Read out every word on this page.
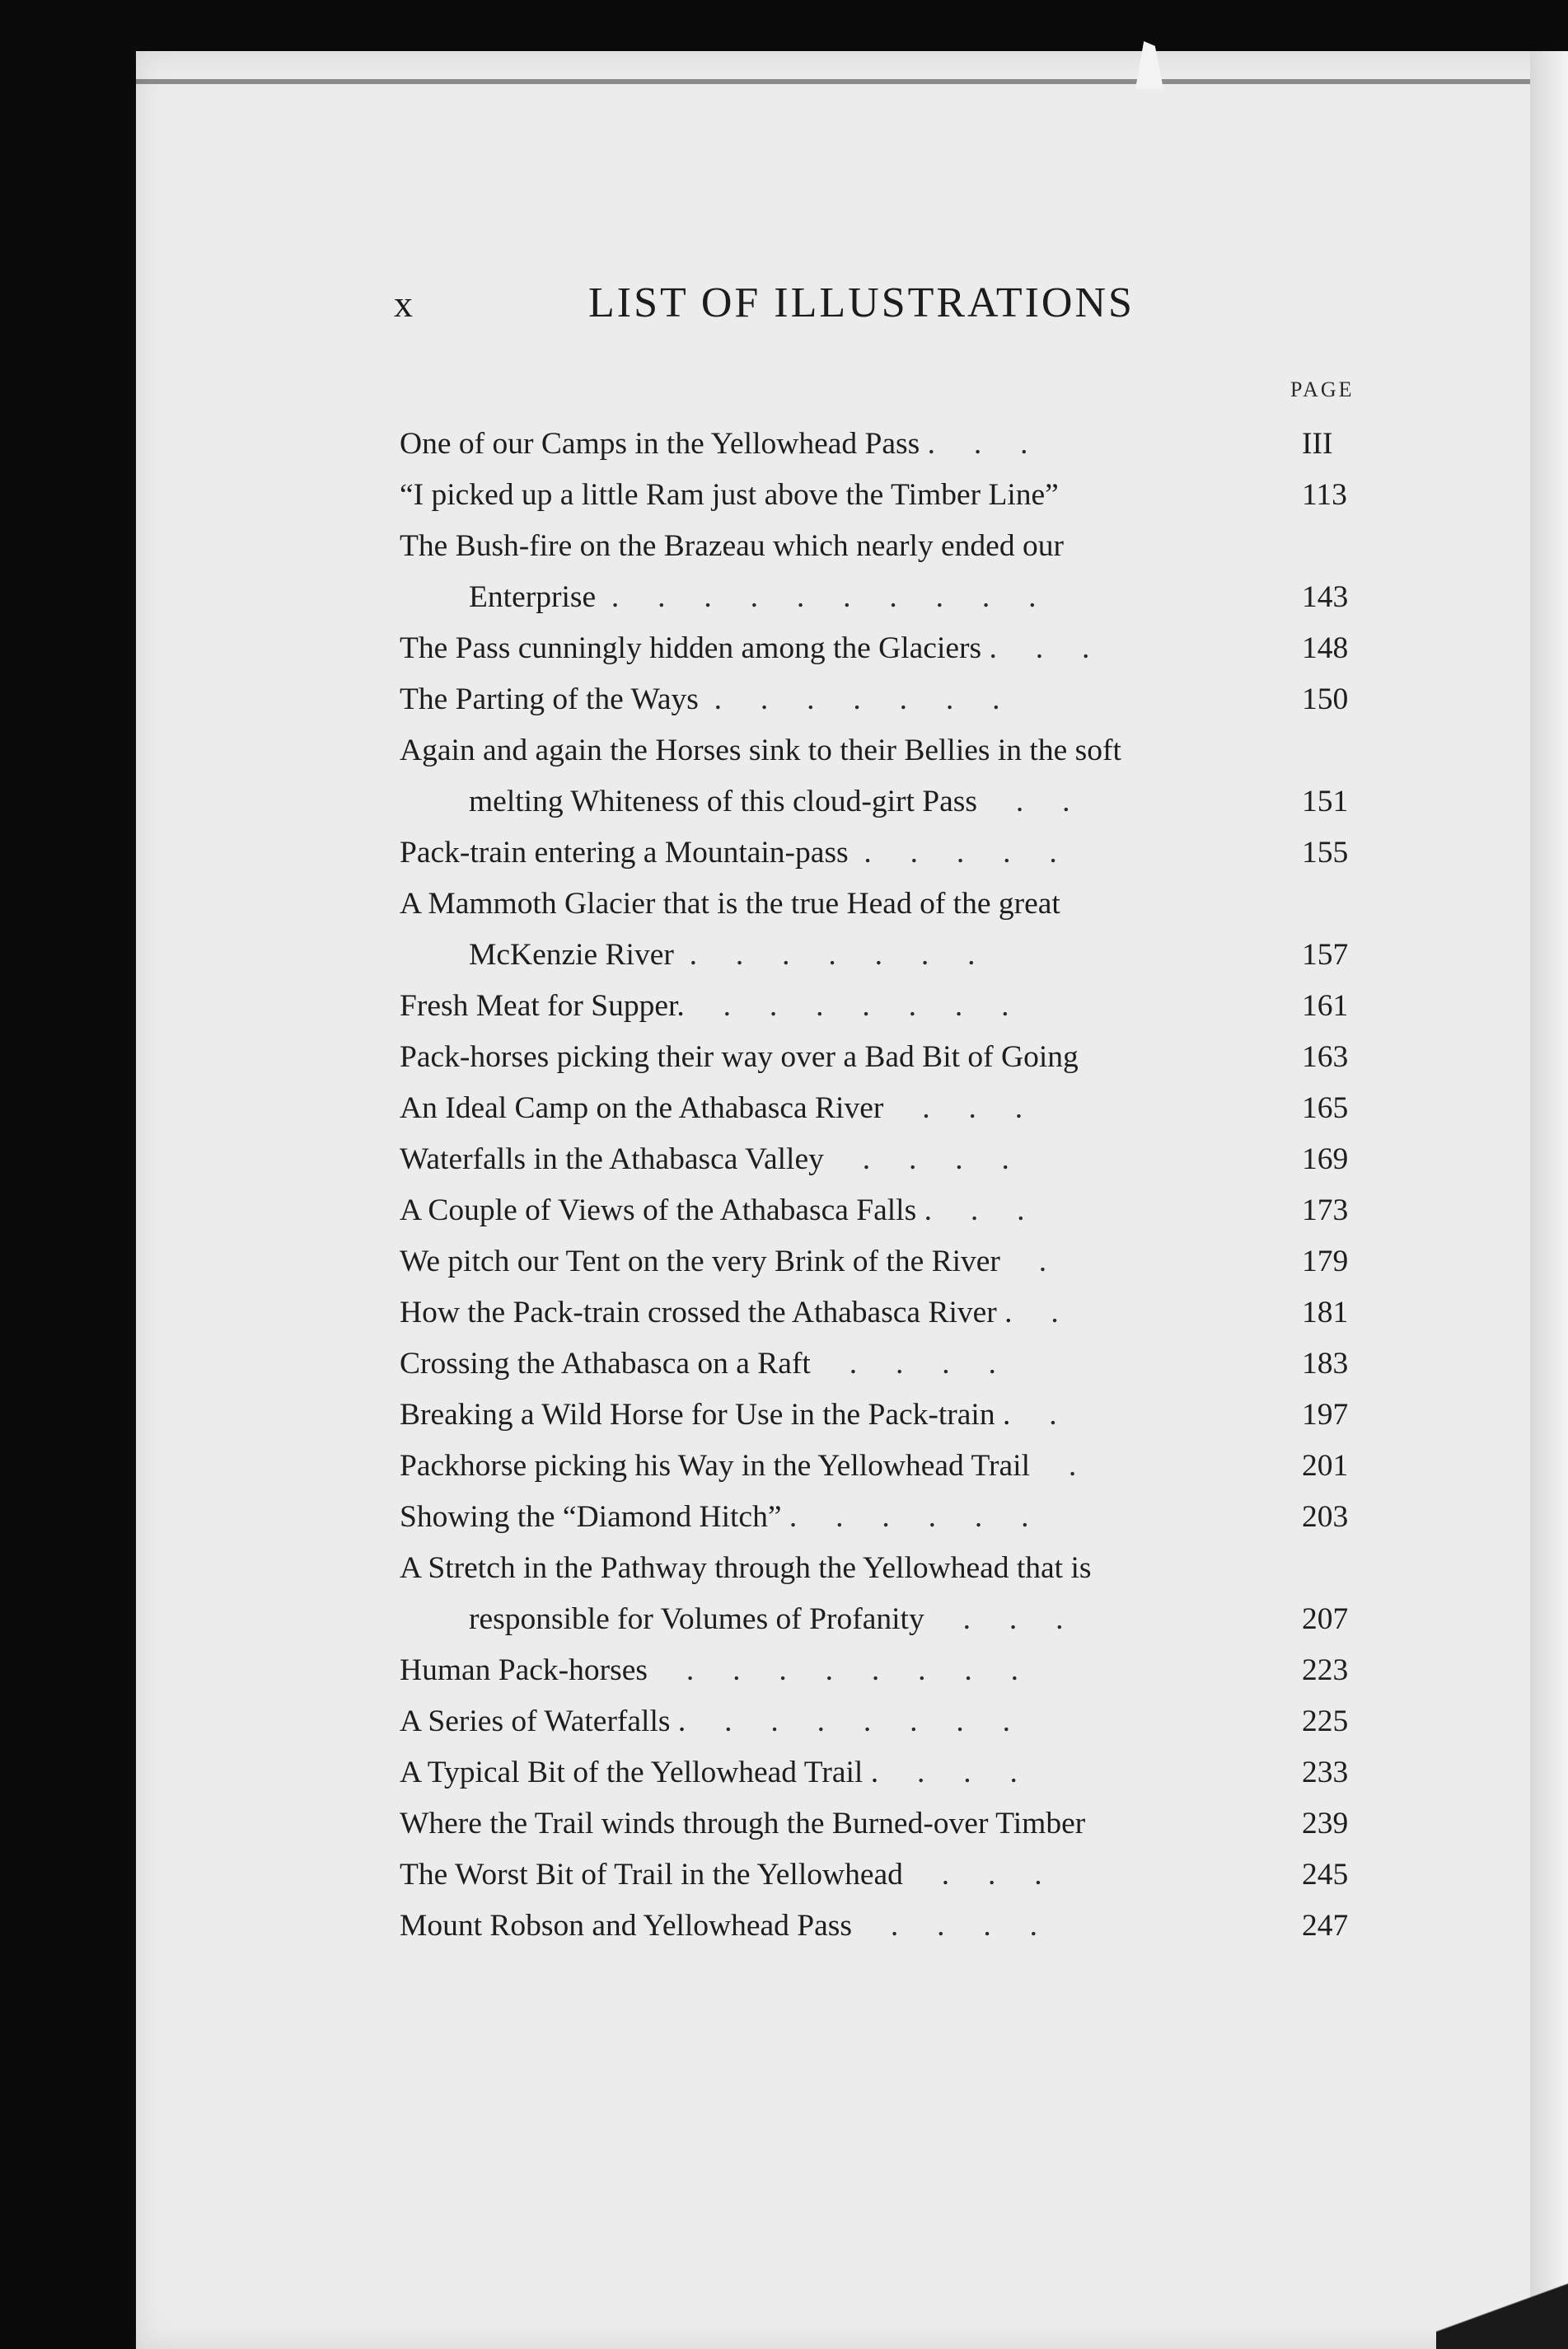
x	LIST OF ILLUSTRATIONS
PAGE
One of our Camps in the Yellowhead Pass .     .     .	III
“I picked up a little Ram just above the Timber Line”	113
The Bush-fire on the Brazeau which nearly ended our
Enterprise  .     .     .     .     .     .     .     .     .     .	143
The Pass cunningly hidden among the Glaciers .     .     .	148
The Parting of the Ways  .     .     .     .     .     .     .	150
Again and again the Horses sink to their Bellies in the soft
melting Whiteness of this cloud-girt Pass     .     .	151
Pack-train entering a Mountain-pass  .     .     .     .     .	155
A Mammoth Glacier that is the true Head of the great
McKenzie River  .     .     .     .     .     .     .	157
Fresh Meat for Supper.     .     .     .     .     .     .     .	161
Pack-horses picking their way over a Bad Bit of Going	163
An Ideal Camp on the Athabasca River     .     .     .	165
Waterfalls in the Athabasca Valley     .     .     .     .	169
A Couple of Views of the Athabasca Falls .     .     .	173
We pitch our Tent on the very Brink of the River     .	179
How the Pack-train crossed the Athabasca River .     .	181
Crossing the Athabasca on a Raft     .     .     .     .	183
Breaking a Wild Horse for Use in the Pack-train .     .	197
Packhorse picking his Way in the Yellowhead Trail     .	201
Showing the “Diamond Hitch” .     .     .     .     .     .	203
A Stretch in the Pathway through the Yellowhead that is
responsible for Volumes of Profanity     .     .     .	207
Human Pack-horses     .     .     .     .     .     .     .     .	223
A Series of Waterfalls .     .     .     .     .     .     .     .	225
A Typical Bit of the Yellowhead Trail .     .     .     .	233
Where the Trail winds through the Burned-over Timber	239
The Worst Bit of Trail in the Yellowhead     .     .     .	245
Mount Robson and Yellowhead Pass     .     .     .     .	247
